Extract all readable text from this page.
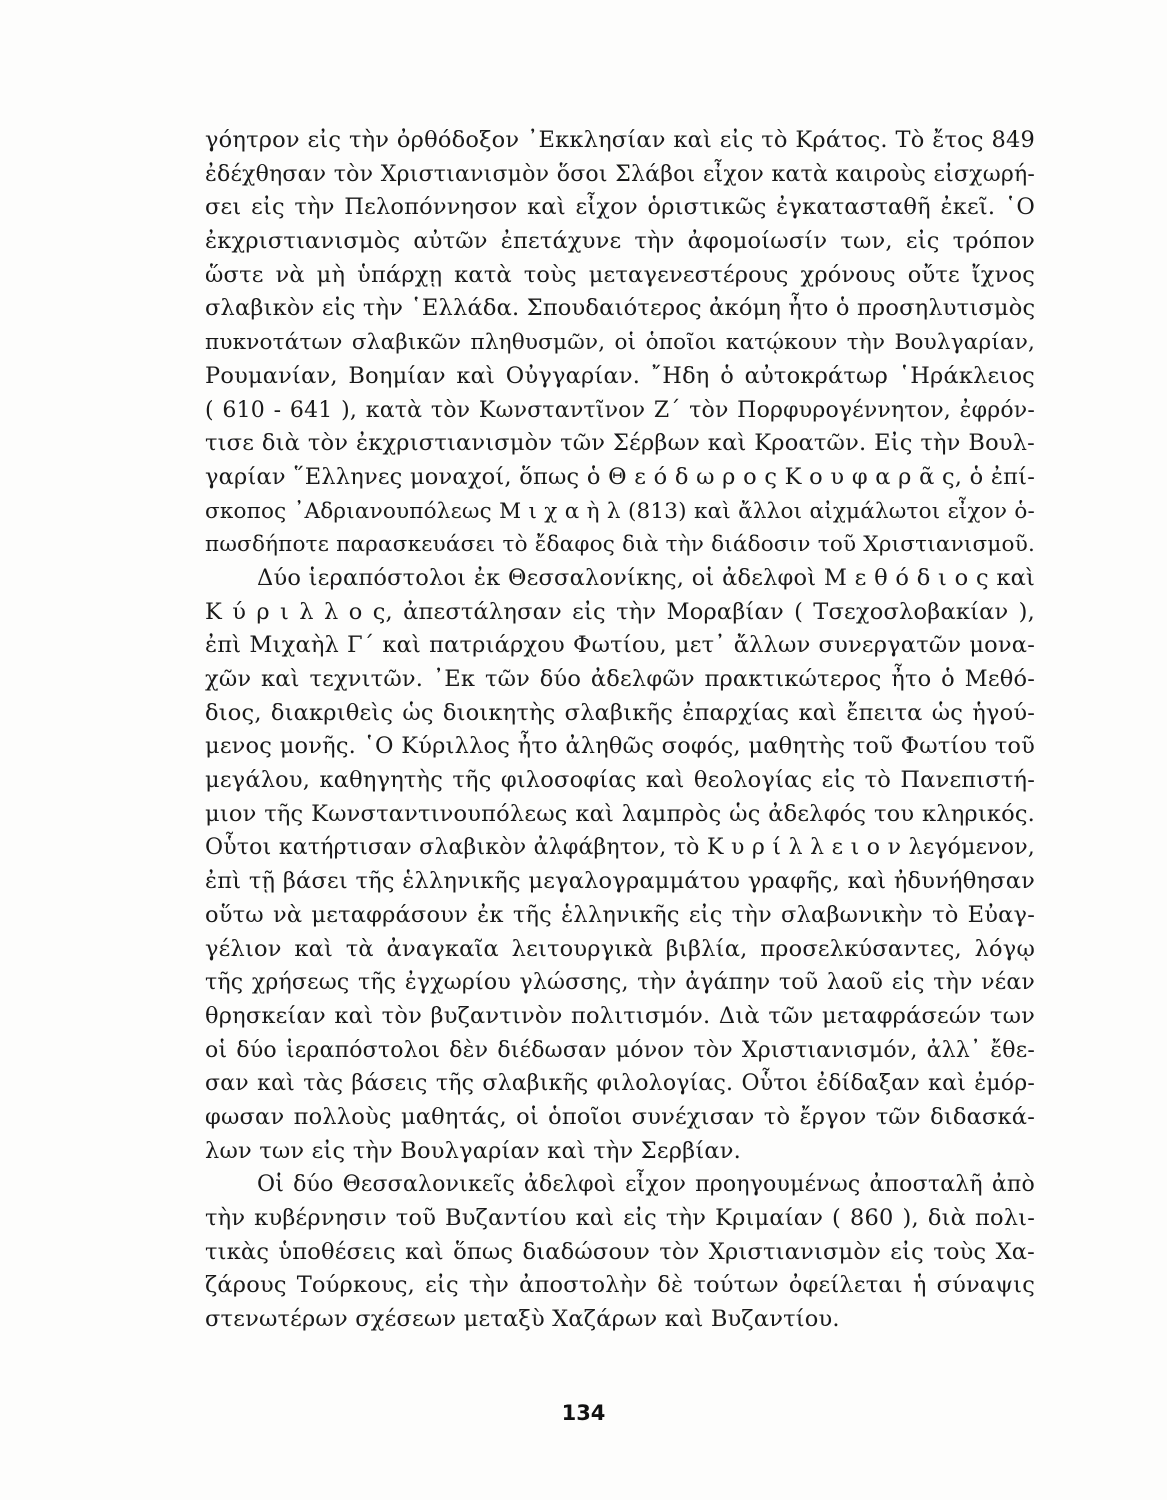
γόητρον εἰς τὴν ὀρθόδοξον ᾿Εκκλησίαν καὶ εἰς τὸ Κράτος. Τὸ ἔτος 849
ἐδέχθησαν τὸν Χριστιανισμὸν ὅσοι Σλάβοι εἶχον κατὰ καιροὺς εἰσχωρή-
σει εἰς τὴν Πελοπόννησον καὶ εἶχον ὁριστικῶς ἐγκατασταθῆ ἐκεῖ. ῾Ο
ἐκχριστιανισμὸς αὐτῶν ἐπετάχυνε τὴν ἀφομοίωσίν των, εἰς τρόπον
ὥστε νὰ μὴ ὑπάρχῃ κατὰ τοὺς μεταγενεστέρους χρόνους οὔτε ἴχνος
σλαβικὸν εἰς τὴν ῾Ελλάδα. Σπουδαιότερος ἀκόμη ἦτο ὁ προσηλυτισμὸς
πυκνοτάτων σλαβικῶν πληθυσμῶν, οἱ ὁποῖοι κατῴκουν τὴν Βουλγαρίαν,
Ρουμανίαν, Βοημίαν καὶ Οὐγγαρίαν. ῎Ηδη ὁ αὐτοκράτωρ ῾Ηράκλειος
( 610 - 641 ), κατὰ τὸν Κωνσταντῖνον Ζ΄ τὸν Πορφυρογέννητον, ἐφρόν-
τισε διὰ τὸν ἐκχριστιανισμὸν τῶν Σέρβων καὶ Κροατῶν. Εἰς τὴν Βουλ-
γαρίαν ῞Ελληνες μοναχοί, ὅπως ὁ Θ ε ό δ ω ρ ο ς Κ ο υ φ α ρ ᾶ ς, ὁ ἐπί-
σκοπος ᾿Αδριανουπόλεως Μ ι χ α ὴ λ (813) καὶ ἄλλοι αἰχμάλωτοι εἶχον ὁ-
πωσδήποτε παρασκευάσει τὸ ἔδαφος διὰ τὴν διάδοσιν τοῦ Χριστιανισμοῦ.
Δύο ἱεραπόστολοι ἐκ Θεσσαλονίκης, οἱ ἀδελφοὶ Μ ε θ ό δ ι ο ς καὶ
Κ ύ ρ ι λ λ ο ς, ἀπεστάλησαν εἰς τὴν Μοραβίαν ( Τσεχοσλοβακίαν ),
ἐπὶ Μιχαὴλ Γ΄ καὶ πατριάρχου Φωτίου, μετ᾿ ἄλλων συνεργατῶν μονα-
χῶν καὶ τεχνιτῶν. ᾿Εκ τῶν δύο ἀδελφῶν πρακτικώτερος ἦτο ὁ Μεθό-
διος, διακριθεὶς ὡς διοικητὴς σλαβικῆς ἐπαρχίας καὶ ἔπειτα ὡς ἡγού-
μενος μονῆς. ῾Ο Κύριλλος ἦτο ἀληθῶς σοφός, μαθητὴς τοῦ Φωτίου τοῦ
μεγάλου, καθηγητὴς τῆς φιλοσοφίας καὶ θεολογίας εἰς τὸ Πανεπιστή-
μιον τῆς Κωνσταντινουπόλεως καὶ λαμπρὸς ὡς ἀδελφός του κληρικός.
Οὗτοι κατήρτισαν σλαβικὸν ἀλφάβητον, τὸ Κ υ ρ ί λ λ ε ι ο ν λεγόμενον,
ἐπὶ τῇ βάσει τῆς ἑλληνικῆς μεγαλογραμμάτου γραφῆς, καὶ ἠδυνήθησαν
οὕτω νὰ μεταφράσουν ἐκ τῆς ἑλληνικῆς εἰς τὴν σλαβωνικὴν τὸ Εὐαγ-
γέλιον καὶ τὰ ἀναγκαῖα λειτουργικὰ βιβλία, προσελκύσαντες, λόγῳ
τῆς χρήσεως τῆς ἐγχωρίου γλώσσης, τὴν ἀγάπην τοῦ λαοῦ εἰς τὴν νέαν
θρησκείαν καὶ τὸν βυζαντινὸν πολιτισμόν. Διὰ τῶν μεταφράσεών των
οἱ δύο ἱεραπόστολοι δὲν διέδωσαν μόνον τὸν Χριστιανισμόν, ἀλλ᾿ ἔθε-
σαν καὶ τὰς βάσεις τῆς σλαβικῆς φιλολογίας. Οὗτοι ἐδίδαξαν καὶ ἐμόρ-
φωσαν πολλοὺς μαθητάς, οἱ ὁποῖοι συνέχισαν τὸ ἔργον τῶν διδασκά-
λων των εἰς τὴν Βουλγαρίαν καὶ τὴν Σερβίαν.
Οἱ δύο Θεσσαλονικεῖς ἀδελφοὶ εἶχον προηγουμένως ἀποσταλῆ ἀπὸ
τὴν κυβέρνησιν τοῦ Βυζαντίου καὶ εἰς τὴν Κριμαίαν ( 860 ), διὰ πολι-
τικὰς ὑποθέσεις καὶ ὅπως διαδώσουν τὸν Χριστιανισμὸν εἰς τοὺς Χα-
ζάρους Τούρκους, εἰς τὴν ἀποστολὴν δὲ τούτων ὀφείλεται ἡ σύναψις
στενωτέρων σχέσεων μεταξὺ Χαζάρων καὶ Βυζαντίου.
134
